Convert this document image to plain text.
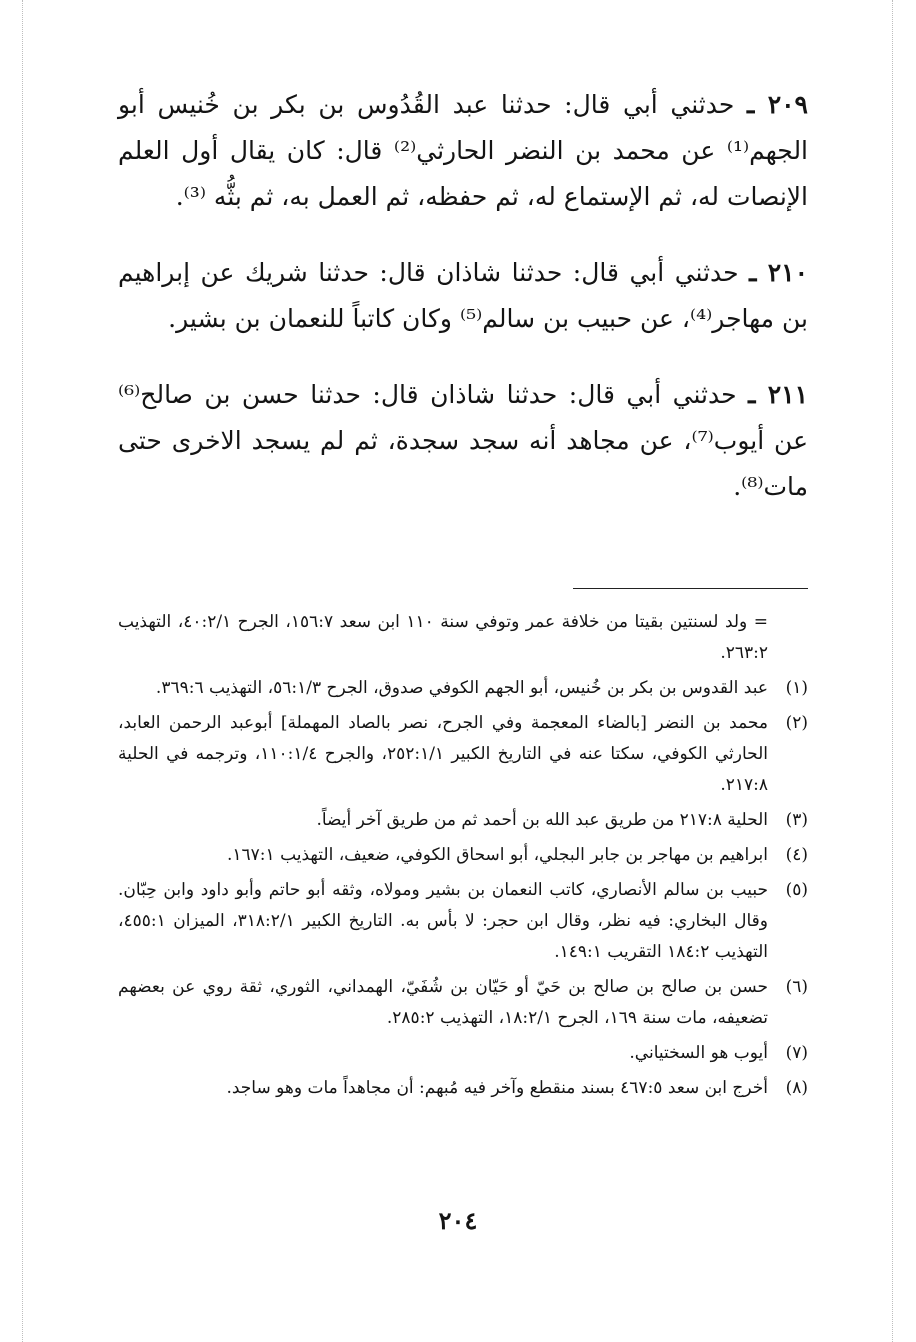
٢٠٩ ـ حدثني أبي قال: حدثنا عبد القُدُوس بن بكر بن خُنيس أبو الجهم⁽¹⁾ عن محمد بن النضر الحارثي⁽²⁾ قال: كان يقال أول العلم الإنصات له، ثم الإستماع له، ثم حفظه، ثم العمل به، ثم بثُّه ⁽³⁾.

٢١٠ ـ حدثني أبي قال: حدثنا شاذان قال: حدثنا شريك عن إبراهيم بن مهاجر⁽⁴⁾، عن حبيب بن سالم⁽⁵⁾ وكان كاتباً للنعمان بن بشير.

٢١١ ـ حدثني أبي قال: حدثنا شاذان قال: حدثنا حسن بن صالح⁽⁶⁾ عن أيوب⁽⁷⁾، عن مجاهد أنه سجد سجدة، ثم لم يسجد الاخرى حتى مات⁽⁸⁾.

= ولد لسنتين بقيتا من خلافة عمر وتوفي سنة ١١٠ ابن سعد ١٥٦:٧، الجرح ٤٠:٢/١، التهذيب ٢٦٣:٢.
(١)
عبد القدوس بن بكر بن خُنيس، أبو الجهم الكوفي صدوق، الجرح ٥٦:١/٣، التهذيب ٣٦٩:٦.
(٢)
محمد بن النضر [بالضاء المعجمة وفي الجرح، نصر بالصاد المهملة] أبوعبد الرحمن العابد، الحارثي الكوفي، سكتا عنه في التاريخ الكبير ٢٥٢:١/١، والجرح ١١٠:١/٤، وترجمه في الحلية ٢١٧:٨.
(٣)
الحلية ٢١٧:٨ من طريق عبد الله بن أحمد ثم من طريق آخر أيضاً.
(٤)
ابراهيم بن مهاجر بن جابر البجلي، أبو اسحاق الكوفي، ضعيف، التهذيب ١٦٧:١.
(٥)
حبيب بن سالم الأنصاري، كاتب النعمان بن بشير ومولاه، وثقه أبو حاتم وأبو داود وابن حِبّان. وقال البخاري: فيه نظر، وقال ابن حجر: لا بأس به. التاريخ الكبير ٣١٨:٢/١، الميزان ٤٥٥:١، التهذيب ١٨٤:٢ التقريب ١٤٩:١.
(٦)
حسن بن صالح بن صالح بن حَيّ أو حَيّان بن شُفَيّ، الهمداني، الثوري، ثقة روي عن بعضهم تضعيفه، مات سنة ١٦٩، الجرح ١٨:٢/١، التهذيب ٢٨٥:٢.
(٧)
أيوب هو السختياني.
(٨)
أخرج ابن سعد ٤٦٧:٥ بسند منقطع وآخر فيه مُبهم: أن مجاهداً مات وهو ساجد.
٢٠٤
